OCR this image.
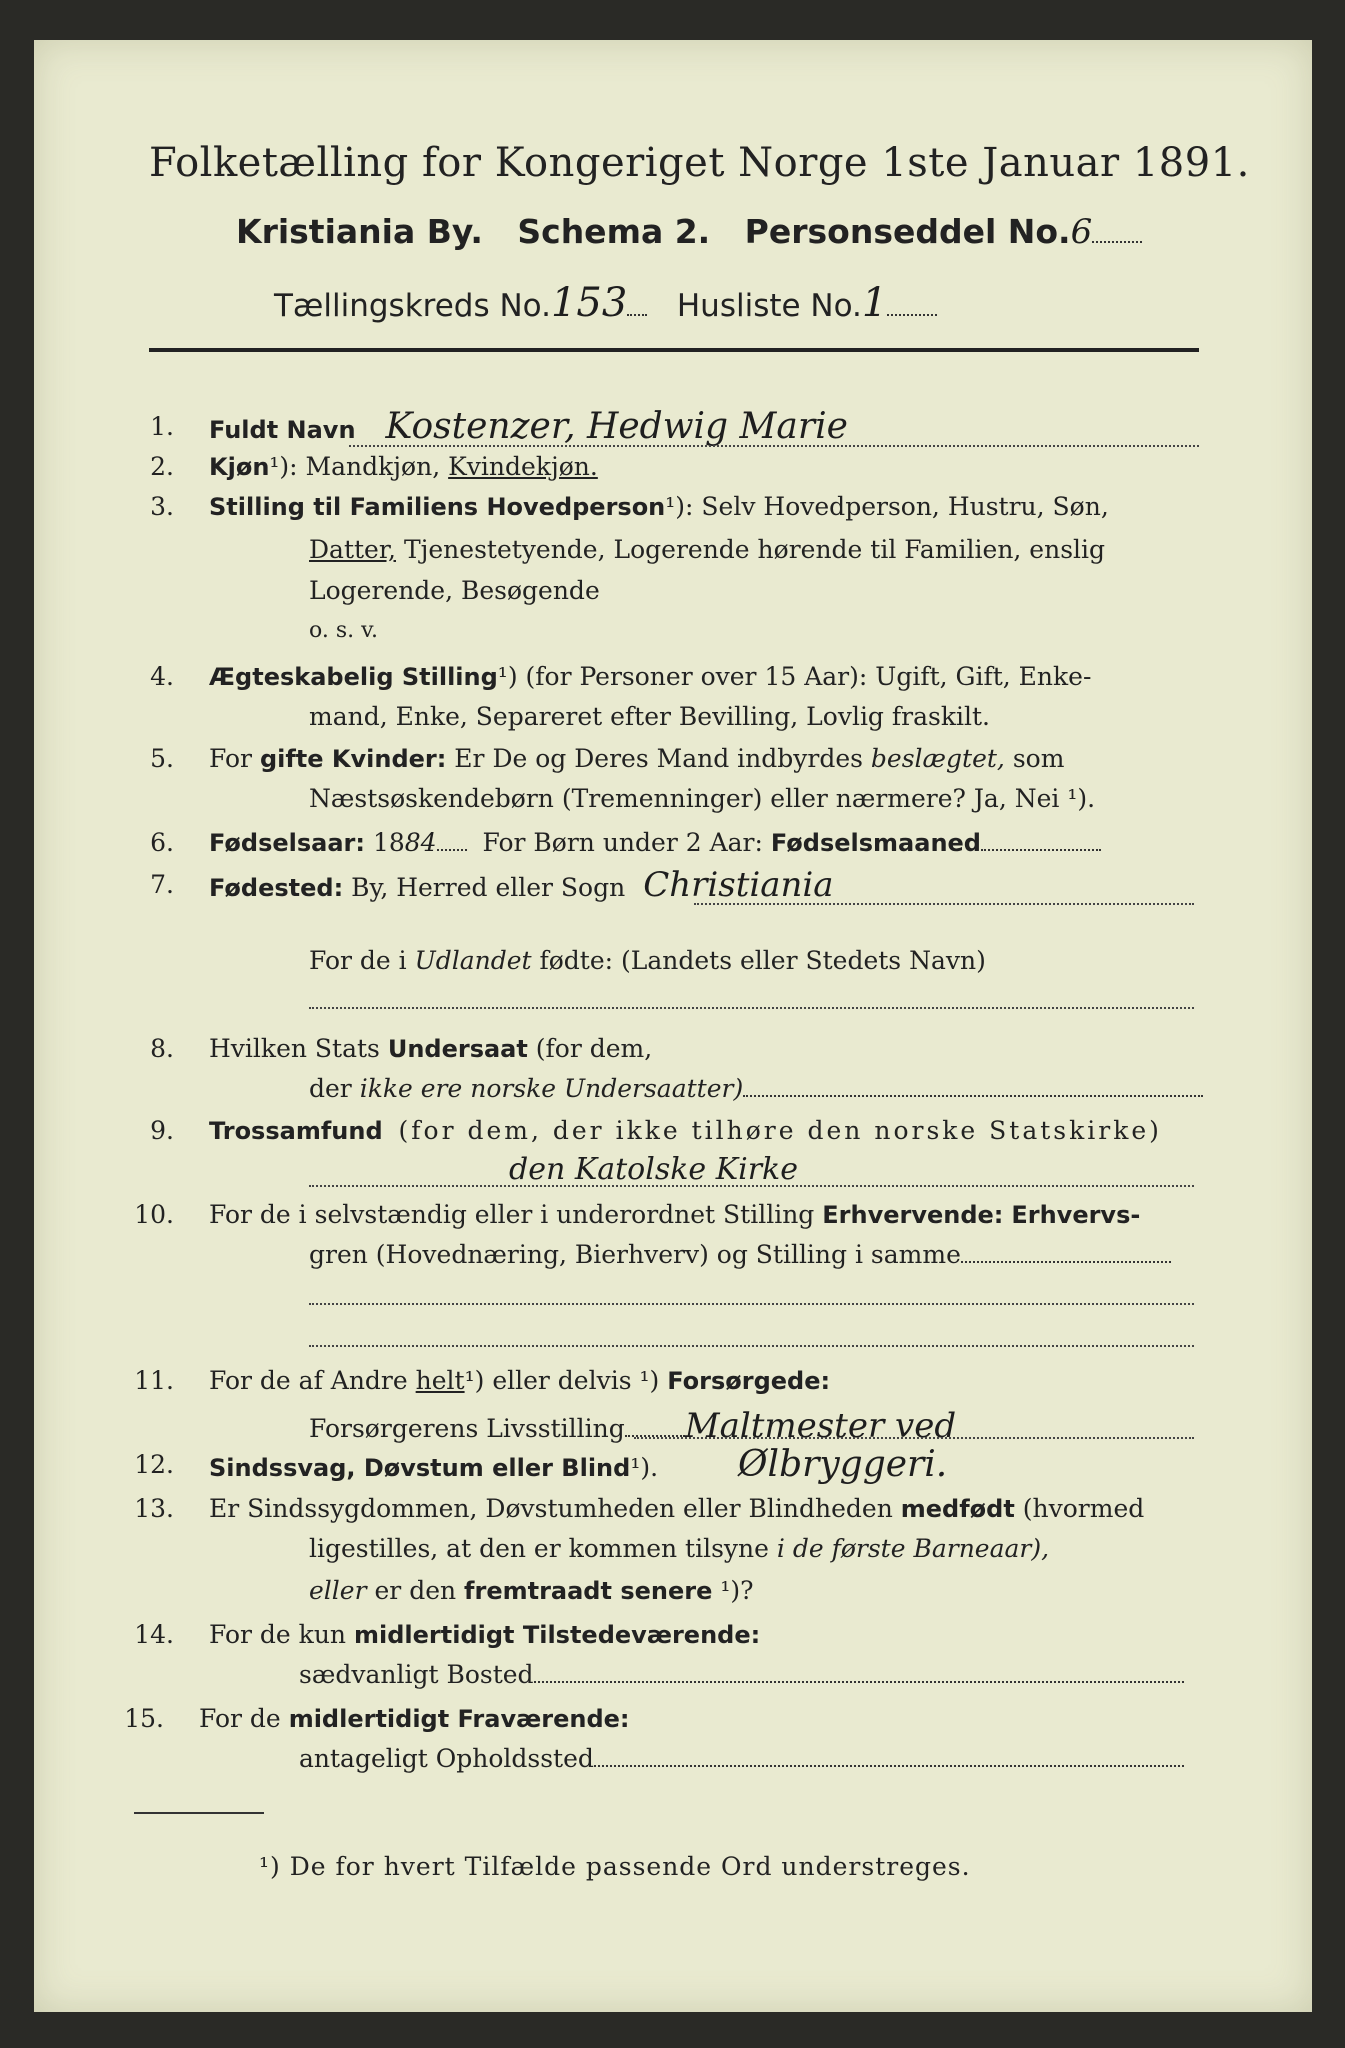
Folketælling for Kongeriget Norge 1ste Januar 1891.
Kristiania By. Schema 2. Personseddel No.6
Tællingskreds No.153 Husliste No.1
1. Fuldt Navn Kostenzer, Hedwig Marie
2. Kjøn¹): Mandkjøn, Kvindekjøn.
3. Stilling til Familiens Hovedperson¹): Selv Hovedperson, Hustru, Søn,
Datter, Tjenestetyende, Logerende hørende til Familien, enslig
Logerende, Besøgende
o. s. v.
4. Ægteskabelig Stilling¹) (for Personer over 15 Aar): Ugift, Gift, Enke-
mand, Enke, Separeret efter Bevilling, Lovlig fraskilt.
5. For gifte Kvinder: Er De og Deres Mand indbyrdes beslægtet, som
Næstsøskendebørn (Tremenninger) eller nærmere? Ja, Nei ¹).
6. Fødselsaar: 1884 For Børn under 2 Aar: Fødselsmaaned
7. Fødested: By, Herred eller Sogn Christiania
For de i Udlandet fødte: (Landets eller Stedets Navn)
8. Hvilken Stats Undersaat (for dem,
der ikke ere norske Undersaatter)
9. Trossamfund (for dem, der ikke tilhøre den norske Statskirke)
den Katolske Kirke
10. For de i selvstændig eller i underordnet Stilling Erhvervende: Erhvervs-
gren (Hovednæring, Bierhverv) og Stilling i samme
11. For de af Andre helt¹) eller delvis ¹) Forsørgede:
Forsørgerens Livsstilling Maltmester ved
12. Sindssvag, Døvstum eller Blind¹). Ølbryggeri.
13. Er Sindssygdommen, Døvstumheden eller Blindheden medfødt (hvormed
ligestilles, at den er kommen tilsyne i de første Barneaar),
eller er den fremtraadt senere ¹)?
14. For de kun midlertidigt Tilstedeværende:
sædvanligt Bosted
15. For de midlertidigt Fraværende:
antageligt Opholdssted
¹) De for hvert Tilfælde passende Ord understreges.
